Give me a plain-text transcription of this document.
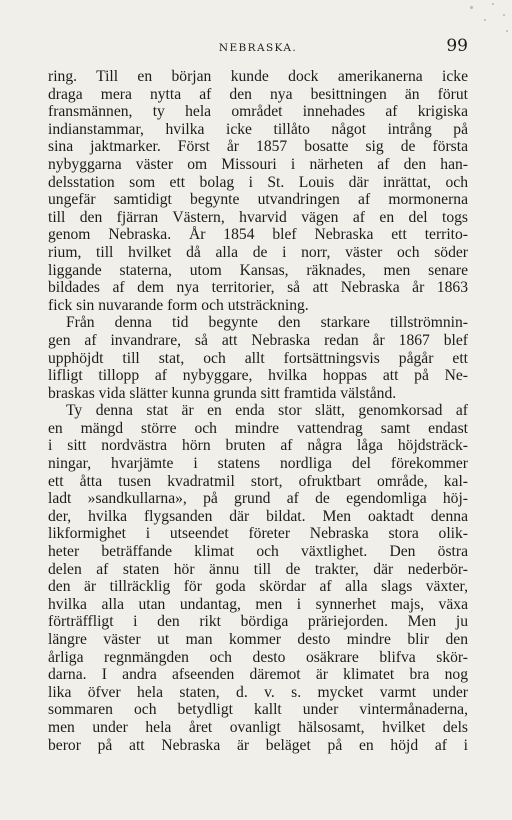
NEBRASKA.	99
ring. Till en början kunde dock amerikanerna icke
draga mera nytta af den nya besittningen än förut
fransmännen, ty hela området innehades af krigiska
indianstammar, hvilka icke tillåto något intrång på
sina jaktmarker. Först år 1857 bosatte sig de första
nybyggarna väster om Missouri i närheten af den han-
delsstation som ett bolag i St. Louis där inrättat, och
ungefär samtidigt begynte utvandringen af mormonerna
till den fjärran Västern, hvarvid vägen af en del togs
genom Nebraska. År 1854 blef Nebraska ett territo-
rium, till hvilket då alla de i norr, väster och söder
liggande staterna, utom Kansas, räknades, men senare
bildades af dem nya territorier, så att Nebraska år 1863
fick sin nuvarande form och utsträckning.
Från denna tid begynte den starkare tillströmnin-
gen af invandrare, så att Nebraska redan år 1867 blef
upphöjdt till stat, och allt fortsättningsvis pågår ett
lifligt tillopp af nybyggare, hvilka hoppas att på Ne-
braskas vida slätter kunna grunda sitt framtida välstånd.
Ty denna stat är en enda stor slätt, genomkorsad af
en mängd större och mindre vattendrag samt endast
i sitt nordvästra hörn bruten af några låga höjdsträck-
ningar, hvarjämte i statens nordliga del förekommer
ett åtta tusen kvadratmil stort, ofruktbart område, kal-
ladt »sandkullarna», på grund af de egendomliga höj-
der, hvilka flygsanden där bildat. Men oaktadt denna
likformighet i utseendet företer Nebraska stora olik-
heter beträffande klimat och växtlighet. Den östra
delen af staten hör ännu till de trakter, där nederbör-
den är tillräcklig för goda skördar af alla slags växter,
hvilka alla utan undantag, men i synnerhet majs, växa
förträffligt i den rikt bördiga präriejorden. Men ju
längre väster ut man kommer desto mindre blir den
årliga regnmängden och desto osäkrare blifva skör-
darna. I andra afseenden däremot är klimatet bra nog
lika öfver hela staten, d. v. s. mycket varmt under
sommaren och betydligt kallt under vintermånaderna,
men under hela året ovanligt hälsosamt, hvilket dels
beror på att Nebraska är beläget på en höjd af i
